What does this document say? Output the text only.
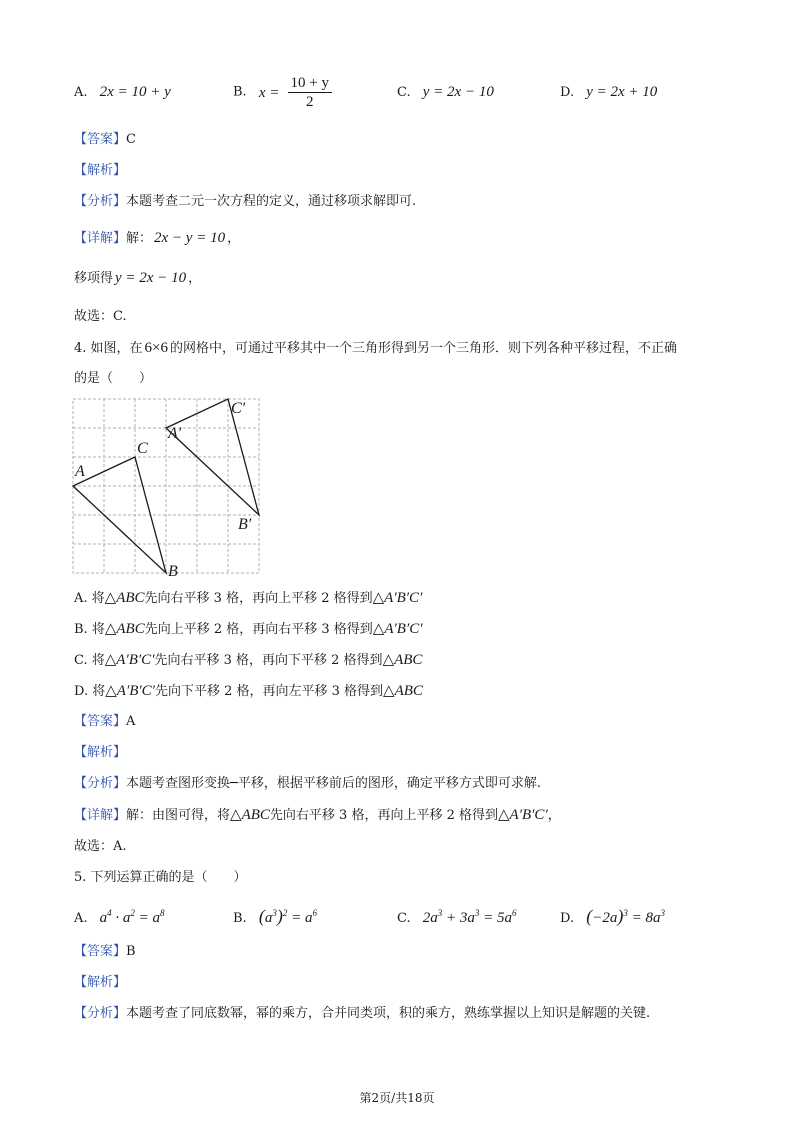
A. 2x = 10 + y	B. $x = \frac{10 + y}{2}$	C. y = 2x − 10	D. y = 2x + 10
【答案】C
【解析】
【分析】本题考查二元一次方程的定义，通过移项求解即可.
【详解】解： 2x − y = 10 ，
移项得 y = 2x − 10 ，
故选：C.
4. 如图，在 6×6 的网格中，可通过平移其中一个三角形得到另一个三角形．则下列各种平移过程，不正确
的是（　　）
A
C
B
A′
C′
B′
A. 将△ABC先向右平移 3 格，再向上平移 2 格得到△A′B′C′
B. 将△ABC先向上平移 2 格，再向右平移 3 格得到△A′B′C′
C. 将△A′B′C′先向右平移 3 格，再向下平移 2 格得到△ABC
D. 将△A′B′C′先向下平移 2 格，再向左平移 3 格得到△ABC
【答案】A
【解析】
【分析】本题考查图形变换─平移，根据平移前后的图形，确定平移方式即可求解.
【详解】解：由图可得，将△ABC先向右平移 3 格，再向上平移 2 格得到△A′B′C′，
故选：A.
5. 下列运算正确的是（　　）
A. $a^4 \cdot a^2 = a^8$	B. $(a^3)^2 = a^6$	C. $2a^3 + 3a^3 = 5a^6$	D. $(-2a)^3 = 8a^3$
【答案】B
【解析】
【分析】本题考查了同底数幂，幂的乘方，合并同类项，积的乘方，熟练掌握以上知识是解题的关键.
第2页/共18页
